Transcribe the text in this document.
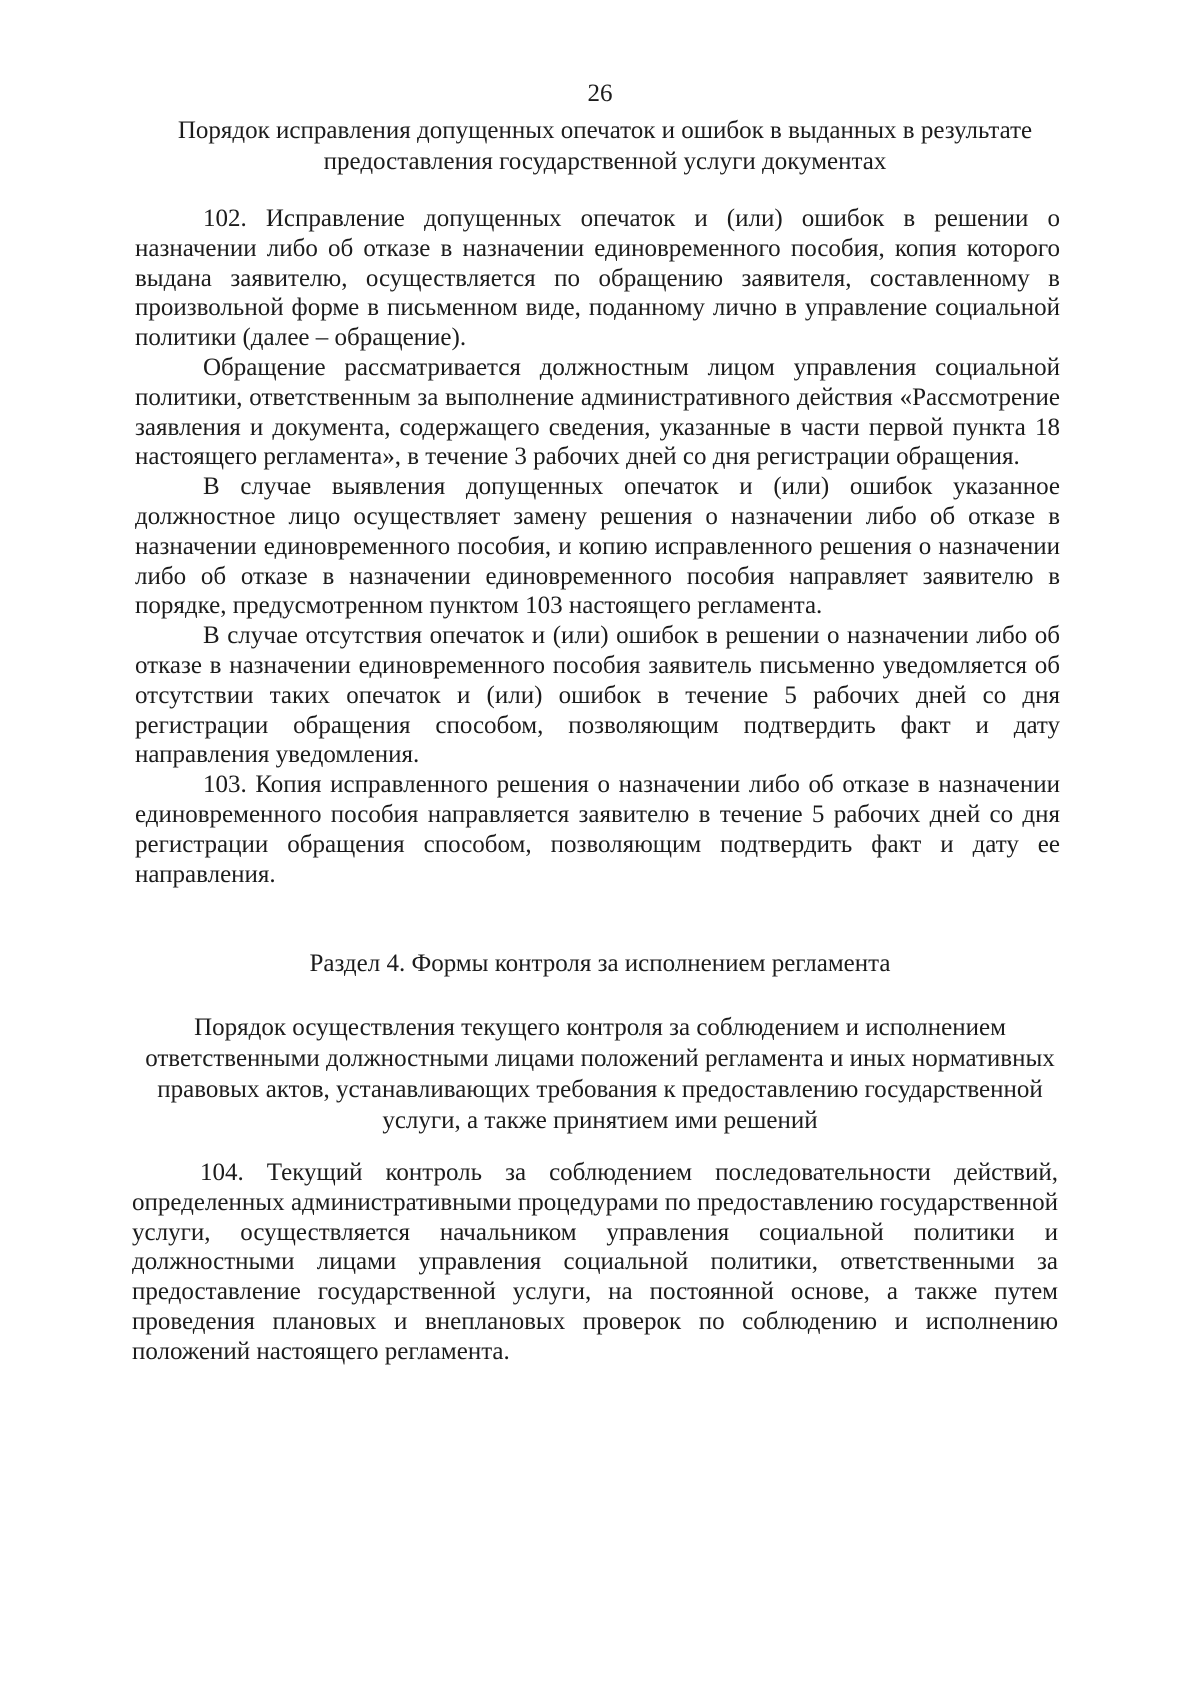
26
Порядок исправления допущенных опечаток и ошибок в выданных в результате предоставления государственной услуги документах

102. Исправление допущенных опечаток и (или) ошибок в решении о назначении либо об отказе в назначении единовременного пособия, копия которого выдана заявителю, осуществляется по обращению заявителя, составленному в произвольной форме в письменном виде, поданному лично в управление социальной политики (далее – обращение).

Обращение рассматривается должностным лицом управления социальной политики, ответственным за выполнение административного действия «Рассмотрение заявления и документа, содержащего сведения, указанные в части первой пункта 18 настоящего регламента», в течение 3 рабочих дней со дня регистрации обращения.

В случае выявления допущенных опечаток и (или) ошибок указанное должностное лицо осуществляет замену решения о назначении либо об отказе в назначении единовременного пособия, и копию исправленного решения о назначении либо об отказе в назначении единовременного пособия направляет заявителю в порядке, предусмотренном пунктом 103 настоящего регламента.

В случае отсутствия опечаток и (или) ошибок в решении о назначении либо об отказе в назначении единовременного пособия заявитель письменно уведомляется об отсутствии таких опечаток и (или) ошибок в течение 5 рабочих дней со дня регистрации обращения способом, позволяющим подтвердить факт и дату направления уведомления.

103. Копия исправленного решения о назначении либо об отказе в назначении единовременного пособия направляется заявителю в течение 5 рабочих дней со дня регистрации обращения способом, позволяющим подтвердить факт и дату ее направления.

Раздел 4. Формы контроля за исполнением регламента
Порядок осуществления текущего контроля за соблюдением и исполнением ответственными должностными лицами положений регламента и иных нормативных правовых актов, устанавливающих требования к предоставлению государственной услуги, а также принятием ими решений

104. Текущий контроль за соблюдением последовательности действий, определенных административными процедурами по предоставлению государственной услуги, осуществляется начальником управления социальной политики и должностными лицами управления социальной политики, ответственными за предоставление государственной услуги, на постоянной основе, а также путем проведения плановых и внеплановых проверок по соблюдению и исполнению положений настоящего регламента.
